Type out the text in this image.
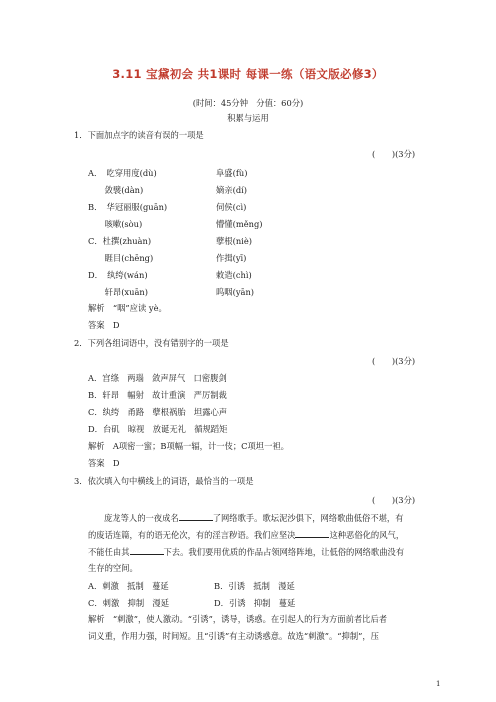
3.11 宝黛初会 共1课时 每课一练（语文版必修3）
(时间：45分钟　分值：60分)
积累与运用
1．下面加点字的读音有误的一项是
(　　)(3分)
A．　吃穿用度(dù)	阜盛(fù)
　　敛襞(dàn)	嫡亲(dí)
B．　华冠丽服(guān)	伺侯(cì)
　　咳嗽(sòu)	懵懂(měng)
C．杜撰(zhuàn)	孽根(niè)
　　睚目(chēng)	作揖(yī)
D．　纨绔(wán)	敕造(chì)
　　轩昂(xuān)	呜咽(yān)
解析　“咽”应读 yè。
答案　D
2．下列各组词语中，没有错别字的一项是
(　　)(3分)
A．宫绦　两瑙　敛声屏气　口密腹剑
B．轩昂　幅射　故计重演　严厉制裁
C．纨绔　甬路　孽根祸胎　坦露心声
D．台矶　晾视　放诞无礼　循规蹈矩
解析　A项密一蜜；B项幅一辐，计一伎；C项坦一袒。
答案　D
3．依次填入句中横线上的词语，最恰当的一项是
(　　)(3分)
庞龙等人的一夜成名	了网络歌手。歌坛泥沙俱下，网络歌曲低俗不堪，有
的废话连篇，有的语无伦次，有的淫言秽语。我们应坚决	这种恶俗化的风气，
不能任由其	下去。我们要用优质的作品占领网络阵地，让低俗的网络歌曲没有
生存的空间。
A．刺激　抵制　蔓延	B．引诱　抵制　漫延
C．刺激　抑制　漫延	D．引诱　抑制　蔓延
解析　“刺激”，使人激动。“引诱”，诱导，诱惑。在引起人的行为方面前者比后者
词义重，作用力强，时间短。且“引诱”有主动诱惑意。故选“刺激”。“抑制”，压
1
